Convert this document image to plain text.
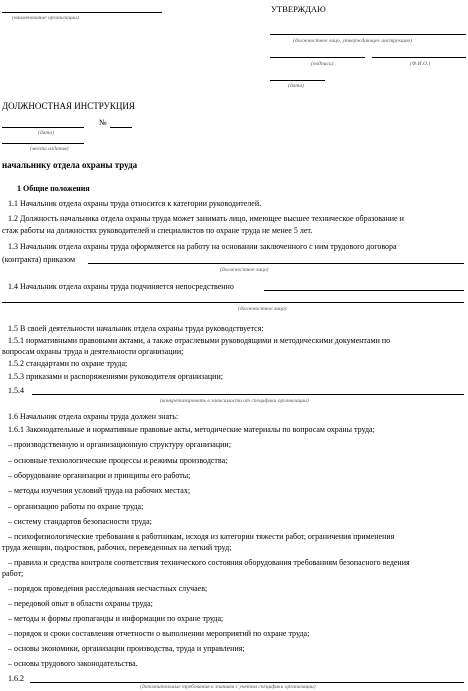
(наименование организации)
УТВЕРЖДАЮ
(должностное лицо, утверждающее инструкцию)
(подпись)	(Ф.И.О.)
(дата)
ДОЛЖНОСТНАЯ ИНСТРУКЦИЯ
№
(дата)
(место издания)
начальнику отдела охраны труда
1 Общие положения
1.1 Начальник отдела охраны труда относится к категории руководителей.
1.2 Должность начальника отдела охраны труда может занимать лицо, имеющее высшее техническое образование и
стаж работы на должностях руководителей и специалистов по охране труда не менее 5 лет.
1.3 Начальник отдела охраны труда оформляется на работу на основании заключенного с ним трудового договора
(контракта) приказом
(должностное лицо)
1.4 Начальник отдела охраны труда подчиняется непосредственно
(должностное лицо)
1.5 В своей деятельности начальник отдела охраны труда руководствуется:
1.5.1 нормативными правовыми актами, а также отраслевыми руководящими и методическими документами по
вопросам охраны труда и деятельности организации;
1.5.2 стандартами по охране труда;
1.5.3 приказами и распоряжениями руководителя организации;
1.5.4
(конкретизировать в зависимости от специфики организации)
1.6 Начальник отдела охраны труда должен знать:
1.6.1 Законодательные и нормативные правовые акты, методические материалы по вопросам охраны труда;
– производственную и организационную структуру организации;
– основные технологические процессы и режимы производства;
– оборудование организации и принципы его работы;
– методы изучения условий труда на рабочих местах;
– организацию работы по охране труда;
– систему стандартов безопасности труда;
– психофизиологические требования к работникам, исходя из категории тяжести работ, ограничения применения
труда женщин, подростков, рабочих, переведенных на легкий труд;
– правила и средства контроля соответствия технического состояния оборудования требованиям безопасного ведения
работ;
– порядок проведения расследования несчастных случаев;
– передовой опыт в области охраны труда;
– методы и формы пропаганды и информации по охране труда;
– порядок и сроки составления отчетности о выполнении мероприятий по охране труда;
– основы экономики, организации производства, труда и управления;
– основы трудового законодательства.
1.6.2
(дополнительные требования к знаниям с учетом специфики организации)
